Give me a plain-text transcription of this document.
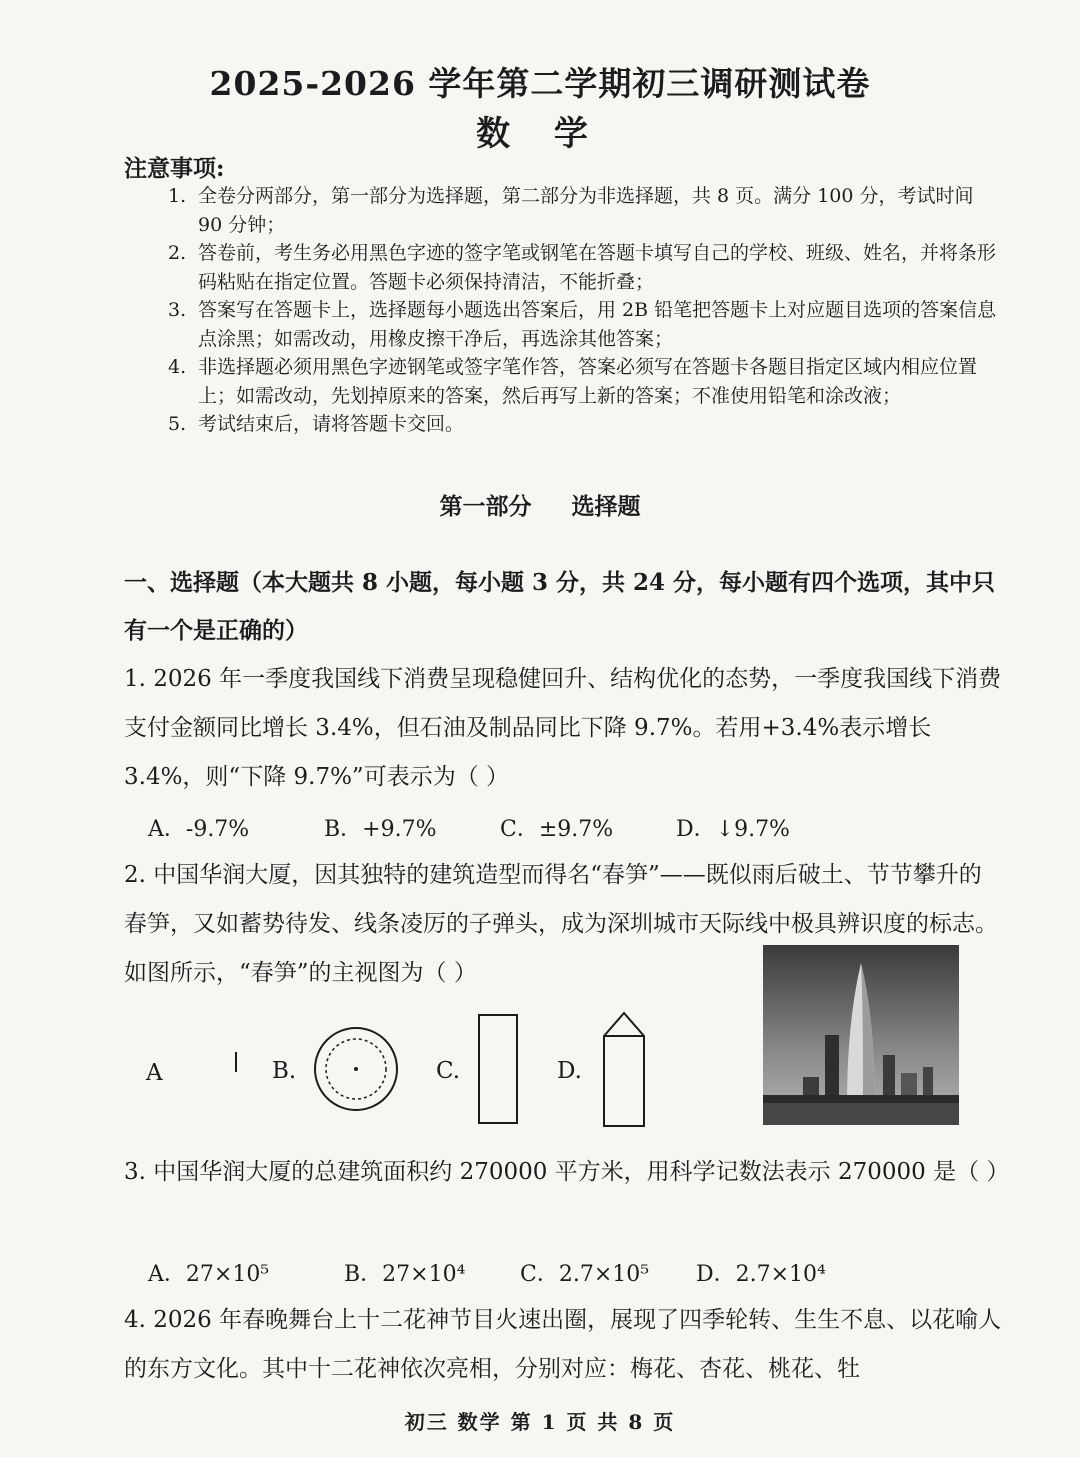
2025-2026 学年第二学期初三调研测试卷
数 学
注意事项:
1. 全卷分两部分，第一部分为选择题，第二部分为非选择题，共 8 页。满分 100 分，考试时间 90 分钟；
2. 答卷前，考生务必用黑色字迹的签字笔或钢笔在答题卡填写自己的学校、班级、姓名，并将条形码粘贴在指定位置。答题卡必须保持清洁，不能折叠；
3. 答案写在答题卡上，选择题每小题选出答案后，用 2B 铅笔把答题卡上对应题目选项的答案信息点涂黑；如需改动，用橡皮擦干净后，再选涂其他答案；
4. 非选择题必须用黑色字迹钢笔或签字笔作答，答案必须写在答题卡各题目指定区域内相应位置上；如需改动，先划掉原来的答案，然后再写上新的答案；不准使用铅笔和涂改液；
5. 考试结束后，请将答题卡交回。
第一部分 选择题
一、选择题（本大题共 8 小题，每小题 3 分，共 24 分，每小题有四个选项，其中只有一个是正确的）
1. 2026 年一季度我国线下消费呈现稳健回升、结构优化的态势，一季度我国线下消费支付金额同比增长 3.4%，但石油及制品同比下降 9.7%。若用+3.4%表示增长 3.4%，则“下降 9.7%”可表示为（ ）
A．-9.7%	B．+9.7%	C．±9.7%	D．↓9.7%
2. 中国华润大厦，因其独特的建筑造型而得名“春笋”——既似雨后破土、节节攀升的春笋，又如蓄势待发、线条凌厉的子弹头，成为深圳城市天际线中极具辨识度的标志。如图所示，“春笋”的主视图为（ ）
A	B.	C.	D.
3. 中国华润大厦的总建筑面积约 270000 平方米，用科学记数法表示 270000 是（ ）
A．27×10⁵	B．27×10⁴	C．2.7×10⁵	D．2.7×10⁴
4. 2026 年春晚舞台上十二花神节目火速出圈，展现了四季轮转、生生不息、以花喻人的东方文化。其中十二花神依次亮相，分别对应：梅花、杏花、桃花、牡
初三 数学 第 1 页 共 8 页
